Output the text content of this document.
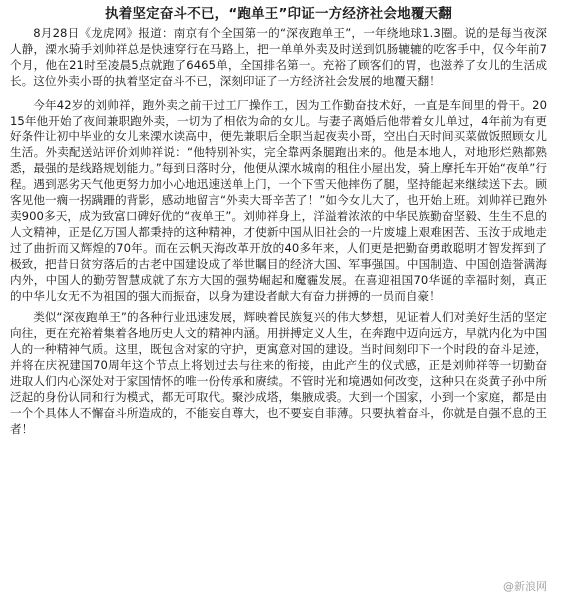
执着坚定奋斗不已，“跑单王”印证一方经济社会地覆天翻

8月28日《龙虎网》报道：南京有个全国第一的“深夜跑单王”，一年绕地球1.3圈。说的是每当夜深人静，溧水骑手刘帅祥总是快速穿行在马路上，把一单单外卖及时送到饥肠辘辘的吃客手中，仅今年前7个月，他在21时至凌晨5点就跑了6465单，全国排名第一。充裕了顾客们的胃，也滋养了女儿的生活成长。这位外卖小哥的执着坚定奋斗不已，深刻印证了一方经济社会发展的地覆天翻！

今年42岁的刘帅祥，跑外卖之前干过工厂操作工，因为工作勤奋技术好，一直是车间里的骨干。2015年他开始了夜间兼职跑外卖，一切为了相依为命的女儿。与妻子离婚后他带着女儿单过，4年前为有更好条件让初中毕业的女儿来溧水读高中，便先兼职后全职当起夜卖小哥，空出白天时间买菜做饭照顾女儿生活。外卖配送站评价刘帅祥说：“他特别补实，完全靠两条腿跑出来的。他是本地人，对地形烂熟都熟悉，最强的是线路规划能力。”每到日落时分，他便从溧水城南的租住小屋出发，骑上摩托车开始“夜单”行程。遇到恶劣天气他更努力加小心地迅速送单上门，一个下雪天他摔伤了腿，坚持能起来继续送下去。顾客见他一瘸一拐蹒跚的背影，感动地留言“外卖大哥辛苦了！”如今女儿大了，也开始上班。刘帅祥已跑外卖900多天，成为致富口碑好优的“夜单王”。刘帅祥身上，洋溢着浓浓的中华民族勤奋坚毅、生生不息的人文精神，正是亿万国人都秉持的这种精神，才使新中国从旧社会的一片废墟上艰难困苦、玉汝于成地走过了曲折而又辉煌的70年。而在云帆天海改革开放的40多年来，人们更是把勤奋勇敢聪明才智发挥到了极致，把昔日贫穷落后的古老中国建设成了举世瞩目的经济大国、军事强国。中国制造、中国创造誉满海内外，中国人的勤劳智慧成就了东方大国的强势崛起和魔霾发展。在喜迎祖国70华诞的幸福时刻，真正的中华儿女无不为祖国的强大而振奋，以身为建设者献大有奋力拼搏的一员而自豪！

类似“深夜跑单王”的各种行业迅速发展，辉映着民族复兴的伟大梦想，见证着人们对美好生活的坚定向往，更在充裕着集着各地历史人文的精神内涵。用拼搏定义人生，在奔跑中迈向远方，早就内化为中国人的一种精神气质。这里，既包含对家的守护，更寓意对国的建设。当时间刻印下一个时段的奋斗足迹，并将在庆祝建国70周年这个节点上将划过去与往来的衔接，由此产生的仪式感，正是刘帅祥等一切勤奋进取人们内心深处对于家国情怀的唯一份传承和赓续。不管时光和境遇如何改变，这种只在炎黄子孙中所泛起的身份认同和行为模式，都无可取代。聚沙成塔，集腋成裘。大到一个国家，小到一个家庭，都是由一个个具体人不懈奋斗所造成的，不能妄自尊大，也不要妄自菲薄。只要执着奋斗，你就是自强不息的王者！

@新浪网
